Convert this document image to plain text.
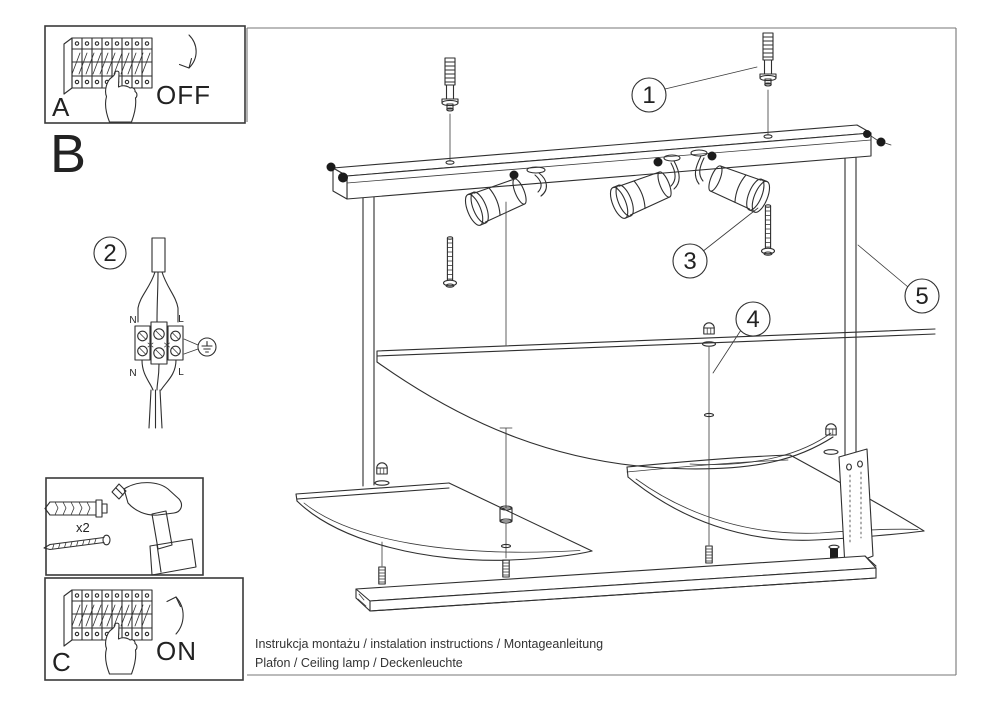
A	OFF
B
2
N	L
N	L
x2
C	ON
1
3
4
5
Instrukcja montażu / instalation instructions / Montageanleitung
Plafon / Ceiling lamp / Deckenleuchte
